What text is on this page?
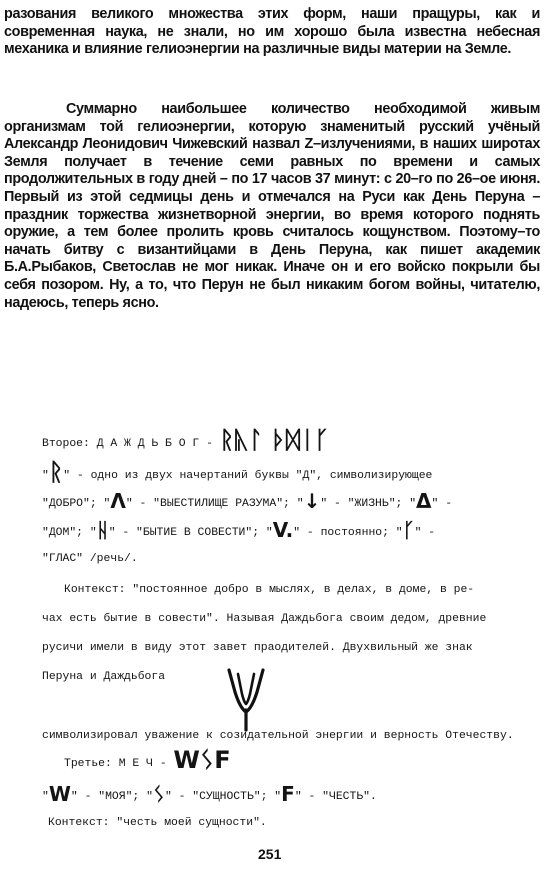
разования великого множества этих форм, наши пращуры, как и современная наука, не знали, но им хорошо была известна небесная механика и влияние гелиоэнергии на различные виды материи на Земле.
Суммарно наибольшее количество необходимой живым организмам той гелиоэнергии, которую знаменитый русский учёный Александр Леонидович Чижевский назвал Z–излучениями, в наших широтах Земля получает в течение семи равных по времени и самых продолжительных в году дней – по 17 часов 37 минут: с 20–го по 26–ое июня. Первый из этой седмицы день и отмечался на Руси как День Перуна – праздник торжества жизнетворной энергии, во время которого поднять оружие, а тем более пролить кровь считалось кощунством. Поэтому–то начать битву с византийцами в День Перуна, как пишет академик Б.А.Рыбаков, Светослав не мог никак. Иначе он и его войско покрыли бы себя позором. Ну, а то, что Перун не был никаким богом войны, читателю, надеюсь, теперь ясно.
Второе: Д А Ж Д Ь Б О Г - ᚱᚣᛚ ᚦᛞᛁᚴ
"ᚱ" - одно из двух начертаний буквы "Д", символизирующее
"ДОБРО"; "Λ" - "ВЫЕСТИЛИЩЕ РАЗУМА"; "↓" - "ЖИЗНЬ"; "Δ" -
"ДОМ"; "ᚺ" - "БЫТИЕ В СОВЕСТИ"; "V." - постоянно; "ᚴ" -
"ГЛАС" /речь/.
Контекст: "постоянное добро в мыслях, в делах, в доме, в ре-
чах есть бытие в совести". Называя Даждьбога своим дедом, древние
русичи имели в виду этот завет праодителей. Двухвильный же знак
Перуна и Даждьбога
символизировал уважение к созидательной энергии и верность Отечеству.
Третье: М Е Ч - WᛊF
"W" - "МОЯ"; "ᛊ" - "СУЩНОСТЬ"; "F" - "ЧЕСТЬ".
Контекст: "честь моей сущности".
251
